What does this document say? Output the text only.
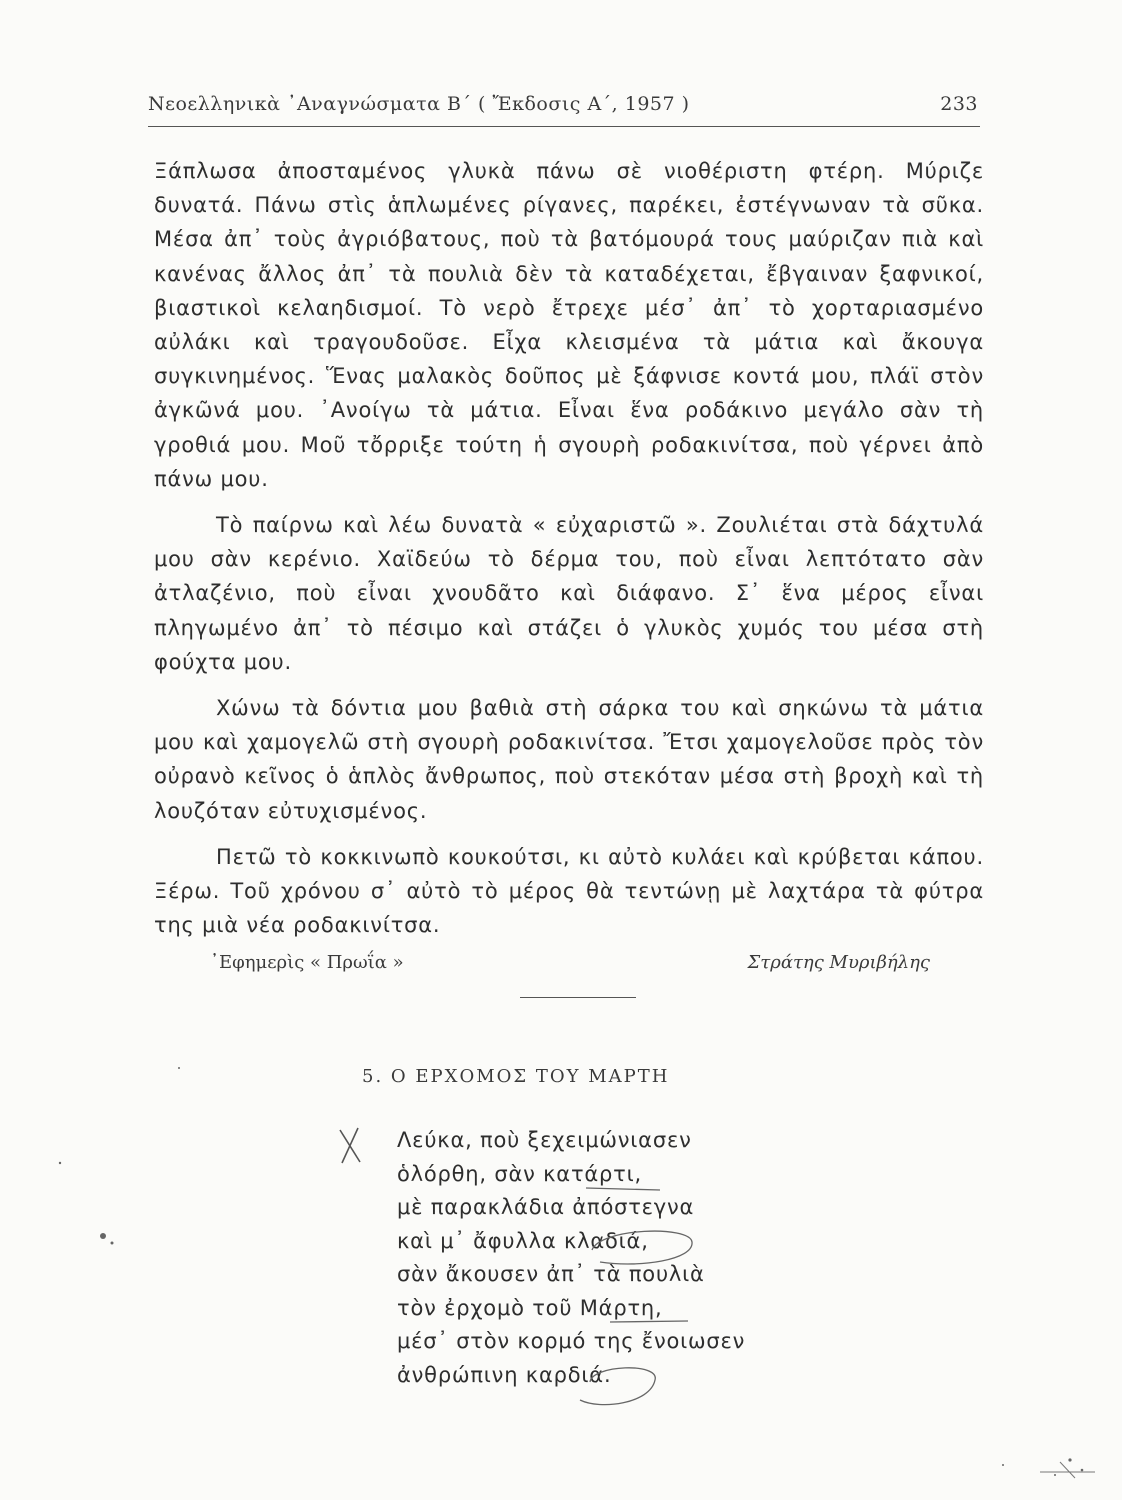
Νεοελληνικὰ ᾿Αναγνώσματα Β´ ( Ἔκδοσις Α´, 1957 )	233

Ξάπλωσα ἀποσταμένος γλυκὰ πάνω σὲ νιοθέριστη φτέρη. Μύριζε δυνατά. Πάνω στὶς ἁπλωμένες ρίγανες, παρέκει, ἐστέγνωναν τὰ σῦκα. Μέσα ἀπ᾿ τοὺς ἀγριόβατους, ποὺ τὰ βατόμουρά τους μαύριζαν πιὰ καὶ κανένας ἄλλος ἀπ᾿ τὰ πουλιὰ δὲν τὰ καταδέχεται, ἔβγαιναν ξαφνικοί, βιαστικοὶ κελαηδισμοί. Τὸ νερὸ ἔτρεχε μέσ᾿ ἀπ᾿ τὸ χορταριασμένο αὐλάκι καὶ τραγουδοῦσε. Εἶχα κλεισμένα τὰ μάτια καὶ ἄκουγα συγκινημένος. Ἕνας μαλακὸς δοῦπος μὲ ξάφνισε κοντά μου, πλάϊ στὸν ἀγκῶνά μου. ᾿Ανοίγω τὰ μάτια. Εἶναι ἕνα ροδάκινο μεγάλο σὰν τὴ γροθιά μου. Μοῦ τὄρριξε τούτη ἡ σγουρὴ ροδακινίτσα, ποὺ γέρνει ἀπὸ πάνω μου.

Τὸ παίρνω καὶ λέω δυνατὰ « εὐχαριστῶ ». Ζουλιέται στὰ δάχτυλά μου σὰν κερένιο. Χαϊδεύω τὸ δέρμα του, ποὺ εἶναι λεπτότατο σὰν ἀτλαζένιο, ποὺ εἶναι χνουδᾶτο καὶ διάφανο. Σ᾿ ἕνα μέρος εἶναι πληγωμένο ἀπ᾿ τὸ πέσιμο καὶ στάζει ὁ γλυκὸς χυμός του μέσα στὴ φούχτα μου.

Χώνω τὰ δόντια μου βαθιὰ στὴ σάρκα του καὶ σηκώνω τὰ μάτια μου καὶ χαμογελῶ στὴ σγουρὴ ροδακινίτσα. Ἔτσι χαμογελοῦσε πρὸς τὸν οὐρανὸ κεῖνος ὁ ἁπλὸς ἄνθρωπος, ποὺ στεκόταν μέσα στὴ βροχὴ καὶ τὴ λουζόταν εὐτυχισμένος.

Πετῶ τὸ κοκκινωπὸ κουκούτσι, κι αὐτὸ κυλάει καὶ κρύβεται κάπου. Ξέρω. Τοῦ χρόνου σ᾿ αὐτὸ τὸ μέρος θὰ τεντώνῃ μὲ λαχτάρα τὰ φύτρα της μιὰ νέα ροδακινίτσα.

᾿Εφημερὶς « Πρωΐα »	Στράτης Μυριβήλης
5. Ο ΕΡΧΟΜΟΣ ΤΟΥ ΜΑΡΤΗ
Λεύκα, ποὺ ξεχειμώνιασεν
ὁλόρθη, σὰν κατάρτι,
μὲ παρακλάδια ἀπόστεγνα
καὶ μ᾿ ἄφυλλα κλαδιά,
σὰν ἄκουσεν ἀπ᾿ τὰ πουλιὰ
τὸν ἐρχομὸ τοῦ Μάρτη,
μέσ᾿ στὸν κορμό της ἔνοιωσεν
ἀνθρώπινη καρδιά.
